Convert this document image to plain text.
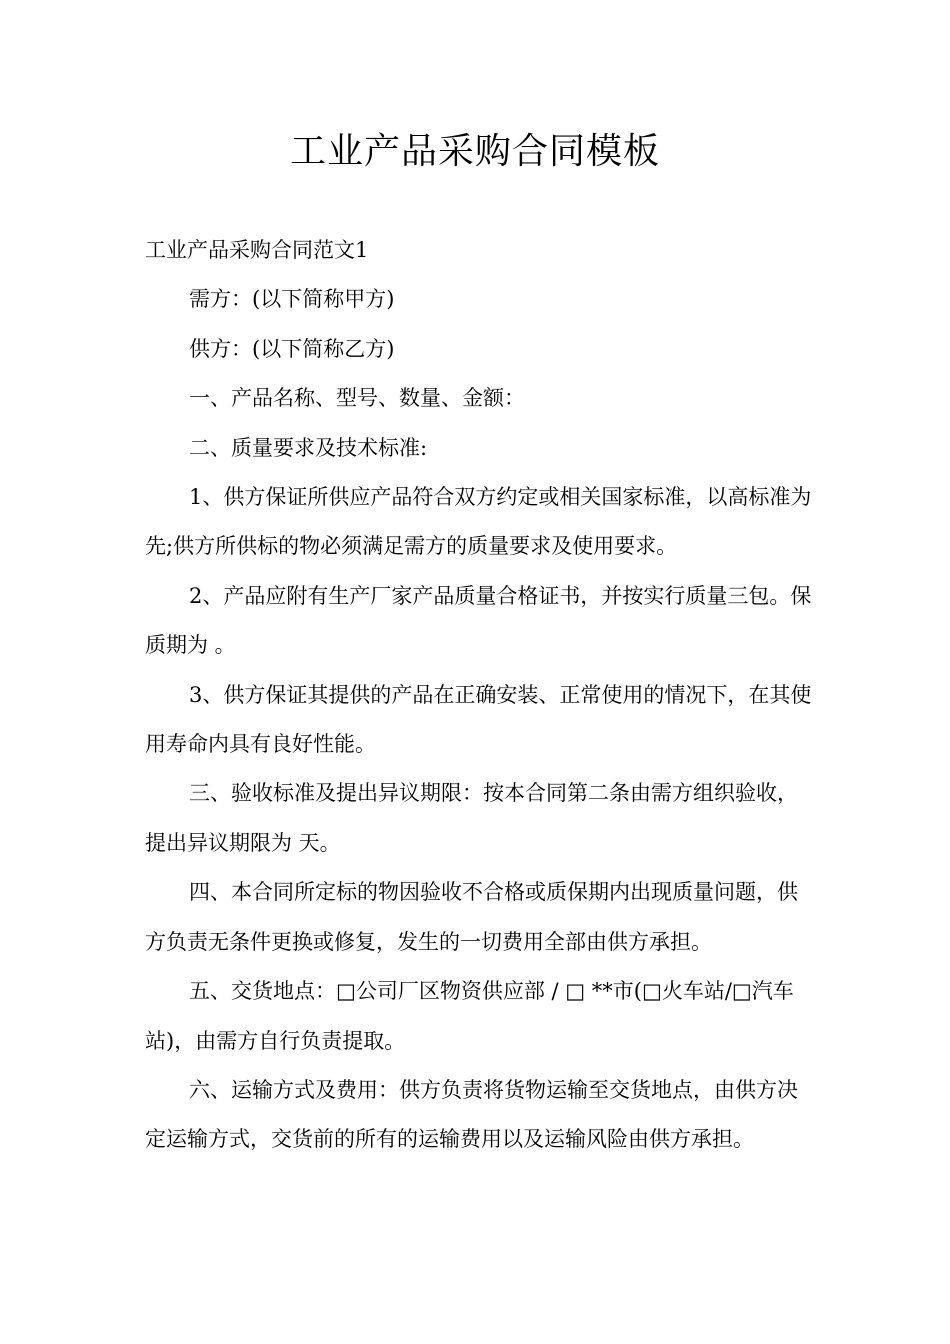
工业产品采购合同模板

工业产品采购合同范文1

需方：(以下简称甲方)

供方：(以下简称乙方)

一、产品名称、型号、数量、金额：

二、质量要求及技术标准:

1、供方保证所供应产品符合双方约定或相关国家标准，以高标准为先;供方所供标的物必须满足需方的质量要求及使用要求。

2、产品应附有生产厂家产品质量合格证书，并按实行质量三包。保质期为 。

3、供方保证其提供的产品在正确安装、正常使用的情况下，在其使用寿命内具有良好性能。

三、验收标准及提出异议期限：按本合同第二条由需方组织验收，提出异议期限为 天。

四、本合同所定标的物因验收不合格或质保期内出现质量问题，供方负责无条件更换或修复，发生的一切费用全部由供方承担。

五、交货地点：□公司厂区物资供应部 / □ **市(□火车站/□汽车站)，由需方自行负责提取。

六、运输方式及费用：供方负责将货物运输至交货地点，由供方决定运输方式，交货前的所有的运输费用以及运输风险由供方承担。
